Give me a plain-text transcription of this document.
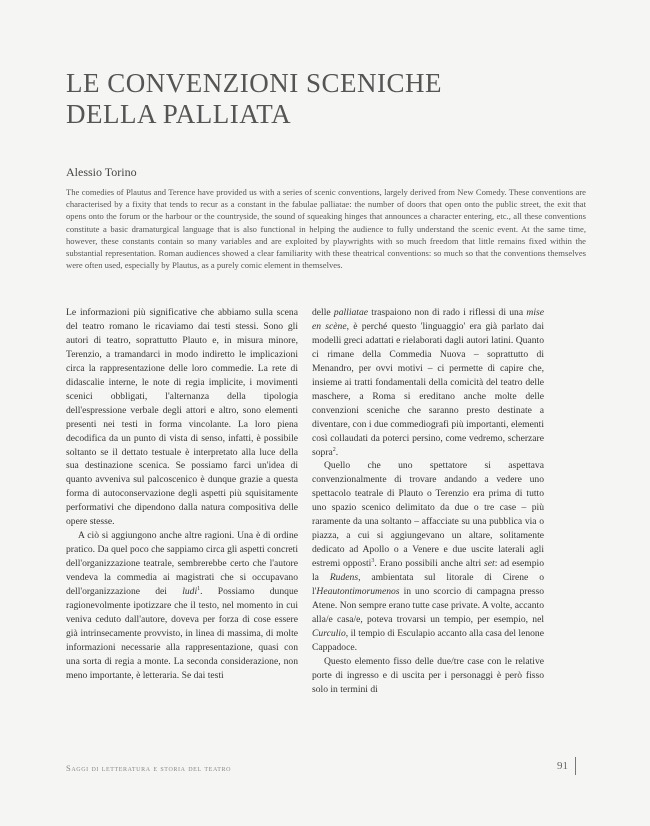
LE CONVENZIONI SCENICHE
DELLA PALLIATA
Alessio Torino

The comedies of Plautus and Terence have provided us with a series of scenic conventions, largely derived from New Comedy. These conventions are characterised by a fixity that tends to recur as a constant in the fabulae palliatae: the number of doors that open onto the public street, the exit that opens onto the forum or the harbour or the countryside, the sound of squeaking hinges that announces a character entering, etc., all these conventions constitute a basic dramaturgical language that is also functional in helping the audience to fully understand the scenic event. At the same time, however, these constants contain so many variables and are exploited by playwrights with so much freedom that little remains fixed within the substantial representation. Roman audiences showed a clear familiarity with these theatrical conventions: so much so that the conventions themselves were often used, especially by Plautus, as a purely comic element in themselves.

Le informazioni più significative che abbiamo sulla scena del teatro romano le ricaviamo dai testi stessi. Sono gli autori di teatro, soprattutto Plauto e, in misura minore, Terenzio, a tramandarci in modo indiretto le implicazioni circa la rappresentazione delle loro commedie. La rete di didascalie interne, le note di regia implicite, i movimenti scenici obbligati, l'alternanza della tipologia dell'espressione verbale degli attori e altro, sono elementi presenti nei testi in forma vincolante. La loro piena decodifica da un punto di vista di senso, infatti, è possibile soltanto se il dettato testuale è interpretato alla luce della sua destinazione scenica. Se possiamo farci un'idea di quanto avveniva sul palcoscenico è dunque grazie a questa forma di autoconservazione degli aspetti più squisitamente performativi che dipendono dalla natura compositiva delle opere stesse.

A ciò si aggiungono anche altre ragioni. Una è di ordine pratico. Da quel poco che sappiamo circa gli aspetti concreti dell'organizzazione teatrale, sembrerebbe certo che l'autore vendeva la commedia ai magistrati che si occupavano dell'organizzazione dei ludi$^1$. Possiamo dunque ragionevolmente ipotizzare che il testo, nel momento in cui veniva ceduto dall'autore, doveva per forza di cose essere già intrinsecamente provvisto, in linea di massima, di molte informazioni necessarie alla rappresentazione, quasi con una sorta di regia a monte. La seconda considerazione, non meno importante, è letteraria. Se dai testi

delle palliatae traspaiono non di rado i riflessi di una mise en scène, è perché questo 'linguaggio' era già parlato dai modelli greci adattati e rielaborati dagli autori latini. Quanto ci rimane della Commedia Nuova – soprattutto di Menandro, per ovvi motivi – ci permette di capire che, insieme ai tratti fondamentali della comicità del teatro delle maschere, a Roma si ereditano anche molte delle convenzioni sceniche che saranno presto destinate a diventare, con i due commediografi più importanti, elementi così collaudati da poterci persino, come vedremo, scherzare sopra$^2$.

Quello che uno spettatore si aspettava convenzionalmente di trovare andando a vedere uno spettacolo teatrale di Plauto o Terenzio era prima di tutto uno spazio scenico delimitato da due o tre case – più raramente da una soltanto – affacciate su una pubblica via o piazza, a cui si aggiungevano un altare, solitamente dedicato ad Apollo o a Venere e due uscite laterali agli estremi opposti$^3$. Erano possibili anche altri set: ad esempio la Rudens, ambientata sul litorale di Cirene o l'Heautontimorumenos in uno scorcio di campagna presso Atene. Non sempre erano tutte case private. A volte, accanto alla/e casa/e, poteva trovarsi un tempio, per esempio, nel Curculio, il tempio di Esculapio accanto alla casa del lenone Cappadoce.

Questo elemento fisso delle due/tre case con le relative porte di ingresso e di uscita per i personaggi è però fisso solo in termini di

Saggi di letteratura e storia del teatro	91
